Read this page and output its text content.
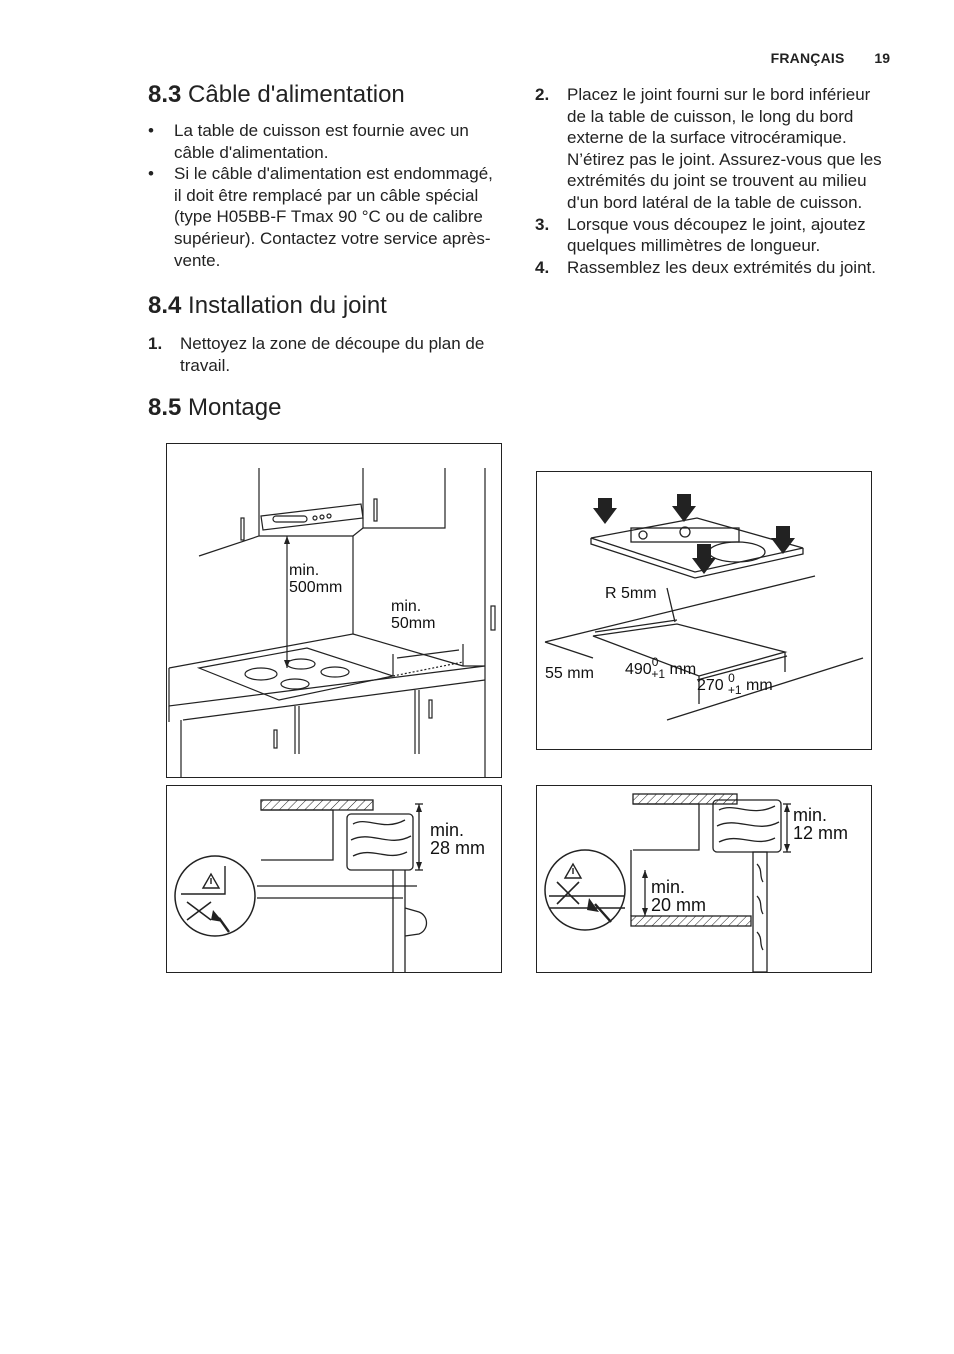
FRANÇAIS 19
8.3 Câble d'alimentation
• La table de cuisson est fournie avec un câble d'alimentation.
• Si le câble d'alimentation est endommagé, il doit être remplacé par un câble spécial (type H05BB-F Tmax 90 °C ou de calibre supérieur). Contactez votre service après-vente.
8.4 Installation du joint
1. Nettoyez la zone de découpe du plan de travail.
8.5 Montage
2. Placez le joint fourni sur le bord inférieur de la table de cuisson, le long du bord externe de la surface vitrocéramique. N’étirez pas le joint. Assurez-vous que les extrémités du joint se trouvent au milieu d'un bord latéral de la table de cuisson.
3. Lorsque vous découpez le joint, ajoutez quelques millimètres de longueur.
4. Rassemblez les deux extrémités du joint.
min.
500mm
min.
50mm
R 5mm
55 mm $490^0_{+1}$ mm

270 $^0_{+1}$ mm

min.
28 mm
min.
12 mm
min.
20 mm
